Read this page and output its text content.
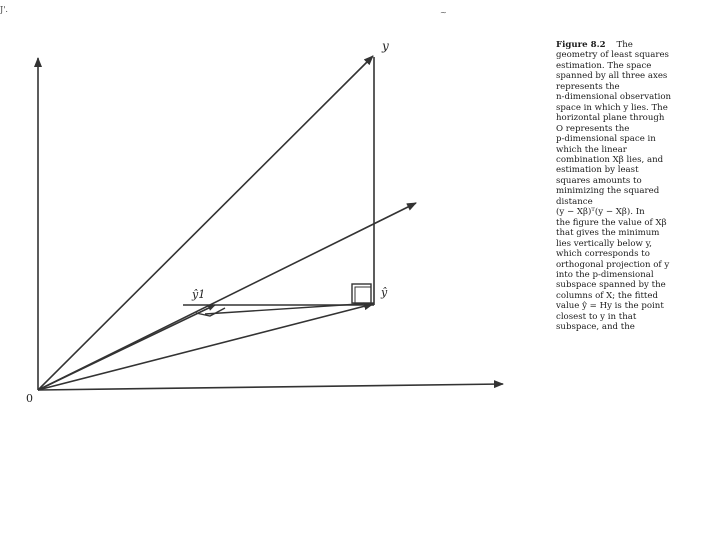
J'.	~
y
ŷ1	ŷ
0
Figure 8.2 The
geometry of least squares
estimation. The space
spanned by all three axes
represents the
n-dimensional observation
space in which y lies. The
horizontal plane through
O represents the
p-dimensional space in
which the linear
combination Xβ lies, and
estimation by least
squares amounts to
minimizing the squared
distance
(y − Xβ)ᵀ(y − Xβ). In
the figure the value of Xβ
that gives the minimum
lies vertically below y,
which corresponds to
orthogonal projection of y
into the p-dimensional
subspace spanned by the
columns of X; the fitted
value ŷ = Hy is the point
closest to y in that
subspace, and the
